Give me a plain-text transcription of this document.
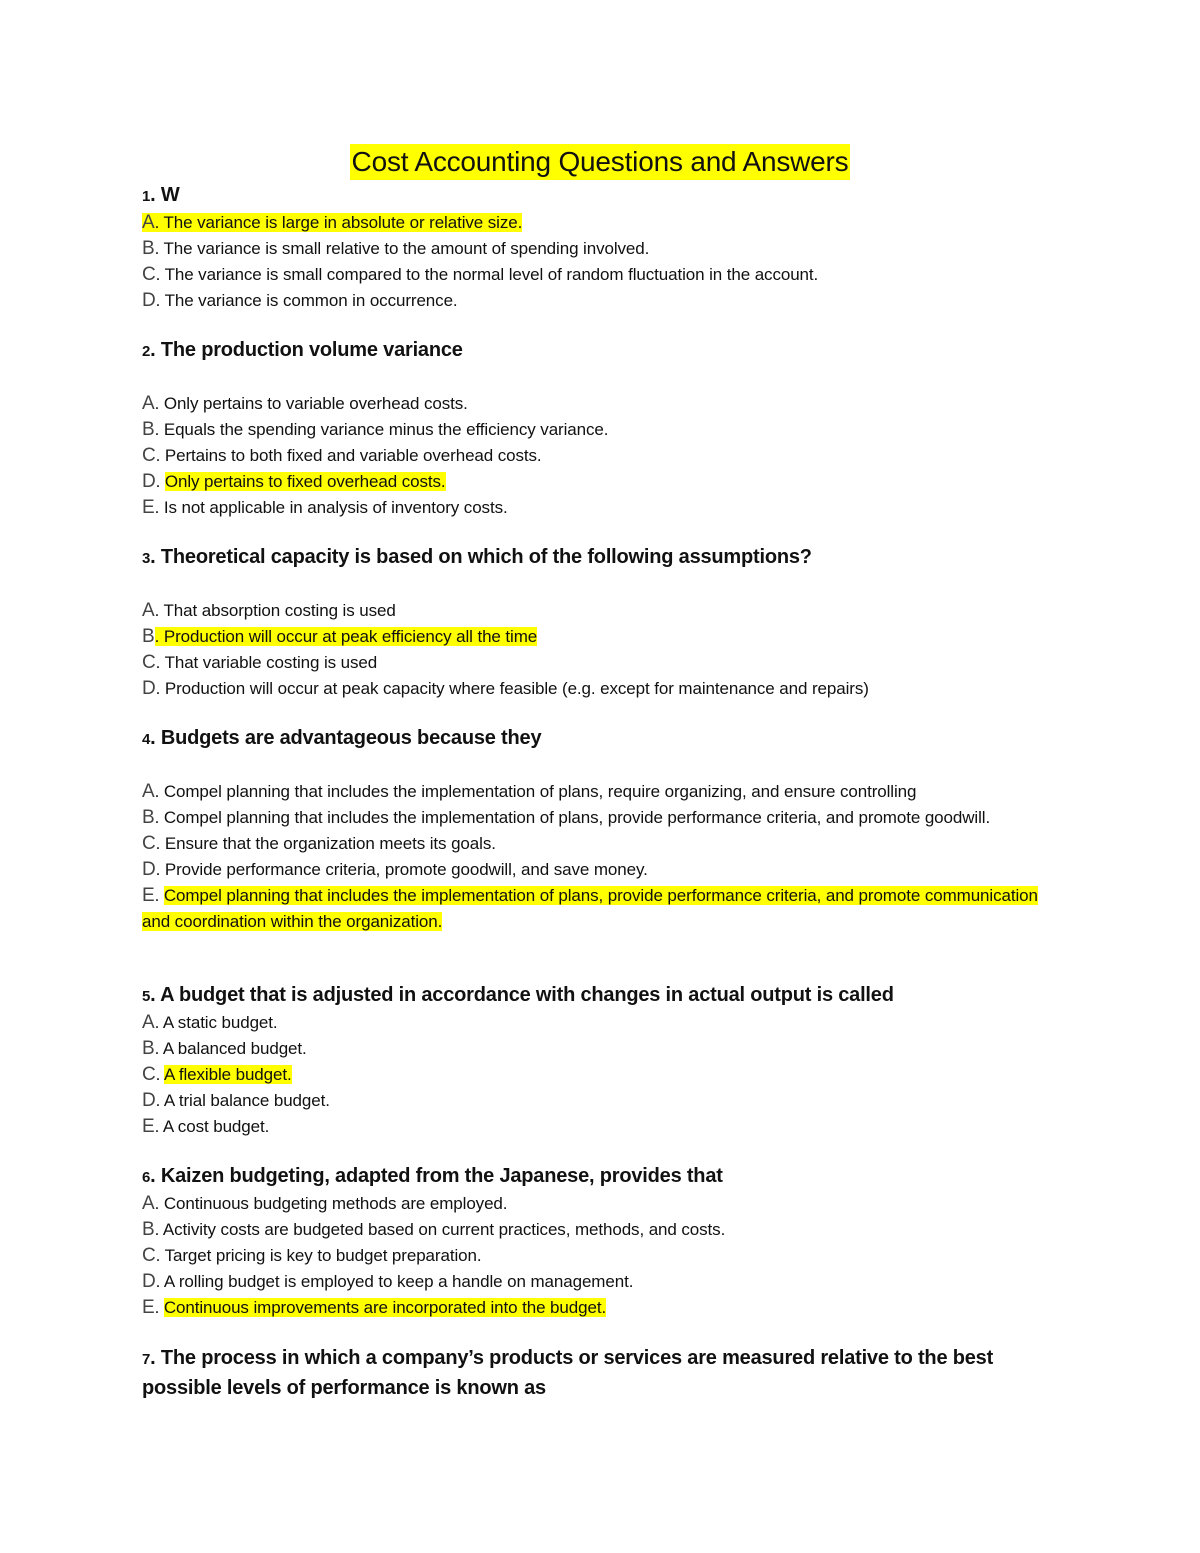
Cost Accounting Questions and Answers

1. W

A. The variance is large in absolute or relative size.
B. The variance is small relative to the amount of spending involved.
C. The variance is small compared to the normal level of random fluctuation in the account.
D. The variance is common in occurrence.

2. The production volume variance

A. Only pertains to variable overhead costs.
B. Equals the spending variance minus the efficiency variance.
C. Pertains to both fixed and variable overhead costs.
D. Only pertains to fixed overhead costs.
E. Is not applicable in analysis of inventory costs.

3. Theoretical capacity is based on which of the following assumptions?

A. That absorption costing is used
B. Production will occur at peak efficiency all the time
C. That variable costing is used
D. Production will occur at peak capacity where feasible (e.g. except for maintenance and repairs)

4. Budgets are advantageous because they

A. Compel planning that includes the implementation of plans, require organizing, and ensure controlling
B. Compel planning that includes the implementation of plans, provide performance criteria, and promote goodwill.
C. Ensure that the organization meets its goals.
D. Provide performance criteria, promote goodwill, and save money.
E. Compel planning that includes the implementation of plans, provide performance criteria, and promote communication and coordination within the organization.

5. A budget that is adjusted in accordance with changes in actual output is called

A. A static budget.
B. A balanced budget.
C. A flexible budget.
D. A trial balance budget.
E. A cost budget.

6. Kaizen budgeting, adapted from the Japanese, provides that

A. Continuous budgeting methods are employed.
B. Activity costs are budgeted based on current practices, methods, and costs.
C. Target pricing is key to budget preparation.
D. A rolling budget is employed to keep a handle on management.
E. Continuous improvements are incorporated into the budget.

7. The process in which a company’s products or services are measured relative to the best possible levels of performance is known as
